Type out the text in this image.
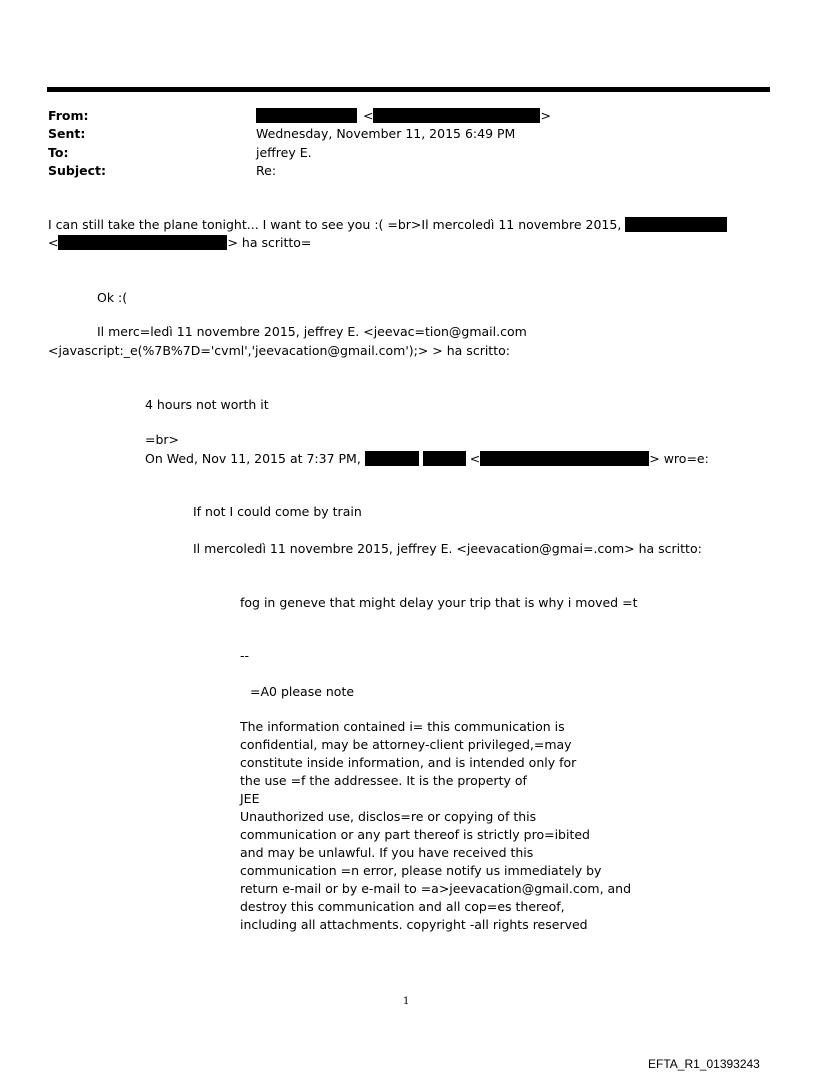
From:	<	>
Sent:	Wednesday, November 11, 2015 6:49 PM
To:	jeffrey E.
Subject:	Re:
I can still take the plane tonight... I want to see you :( =br>Il mercoledì 11 novembre 2015,
<	> ha scritto=
Ok :(
Il merc=ledì 11 novembre 2015, jeffrey E. <jeevac=tion@gmail.com
<javascript:_e(%7B%7D='cvml','jeevacation@gmail.com');> > ha scritto:
4 hours not worth it
=br>
On Wed, Nov 11, 2015 at 7:37 PM,	<	> wro=e:
If not I could come by train
Il mercoledì 11 novembre 2015, jeffrey E. <jeevacation@gmai=.com> ha scritto:
fog in geneve that might delay your trip that is why i moved =t
--
=A0 please note
The information contained i= this communication is
confidential, may be attorney-client privileged,=may
constitute inside information, and is intended only for
the use =f the addressee. It is the property of
JEE
Unauthorized use, disclos=re or copying of this
communication or any part thereof is strictly pro=ibited
and may be unlawful. If you have received this
communication =n error, please notify us immediately by
return e-mail or by e-mail to =a>jeevacation@gmail.com, and
destroy this communication and all cop=es thereof,
including all attachments. copyright -all rights reserved
1
EFTA_R1_01393243
